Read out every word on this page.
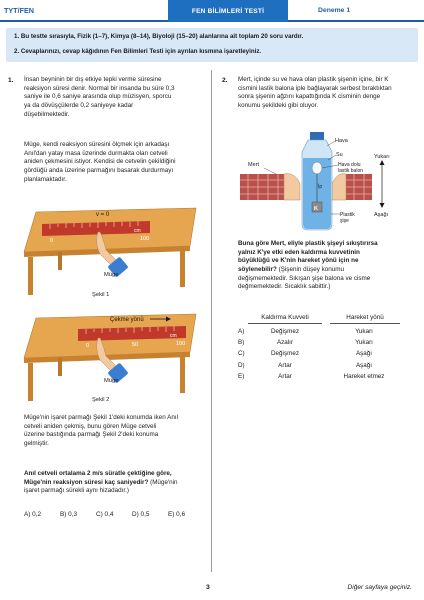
TYT/FEN	FEN BİLİMLERİ TESTİ	Deneme 1

1. Bu testte sırasıyla, Fizik (1–7), Kimya (8–14), Biyoloji (15–20) alanlarına ait toplam 20 soru vardır.

2. Cevaplarınızı, cevap kâğıdının Fen Bilimleri Testi için ayrılan kısmına işaretleyiniz.

1. İnsan beyninin bir dış etkiye tepki verme süresine
reaksiyon süresi denir. Normal bir insanda bu süre 0,3
saniye ile 0,6 saniye arasında olup müzisyen, sporcu
ya da dövüşçülerde 0,2 saniyeye kadar
düşebilmektedir.
Müge, kendi reaksiyon süresini ölçmek için arkadaşı
Anıl'dan yatay masa üzerinde durmakta olan cetveli
aniden çekmesini istiyor. Kendisi de cetvelin çekildiğini
gördüğü anda üzerine parmağını basarak durdurmayı
planlamaktadır.
v = 0
cm
0	100
Müge
Şekil 1
Çekme yönü
cm
0	50	100
Müge
Şekil 2
Müge'nin işaret parmağı Şekil 1'deki konumda iken Anıl
cetveli aniden çekmiş, bunu gören Müge cetveli
üzerine bastığında parmağı Şekil 2'deki konuma
gelmiştir.
Anıl cetveli ortalama 2 m/s süratle çektiğine göre,
Müge'nin reaksiyon süresi kaç saniyedir? (Müge'nin
işaret parmağı sürekli aynı hizadadır.)
A) 0,2	B) 0,3	C) 0,4	D) 0,5	E) 0,6
2. Mert, içinde su ve hava olan plastik şişenin içine, bir K
cismini lastik balona iple bağlayarak serbest bıraktıktan
sonra şişenin ağzını kapattığında K cisminin denge
konumu şekildeki gibi oluyor.
Hava
Su
Hava dolu
lastik balon
Mert
İp
K
Plastik
şişe
Yukarı
Aşağı
Buna göre Mert, eliyle plastik şişeyi sıkıştırırsa
yalnız K'ye etki eden kaldırma kuvvetinin
büyüklüğü ve K'nin hareket yönü için ne
söylenebilir? (Şişenin düşey konumu
değişmemektedir. Sıkışan şişe balona ve cisme
değmemektedir. Sıcaklık sabittir.)
Kaldırma Kuvveti	Hareket yönü
A)	Değişmez	Yukarı
B)	Azalır	Yukarı
C)	Değişmez	Aşağı
D)	Artar	Aşağı
E)	Artar	Hareket etmez
3	Diğer sayfaya geçiniz.
